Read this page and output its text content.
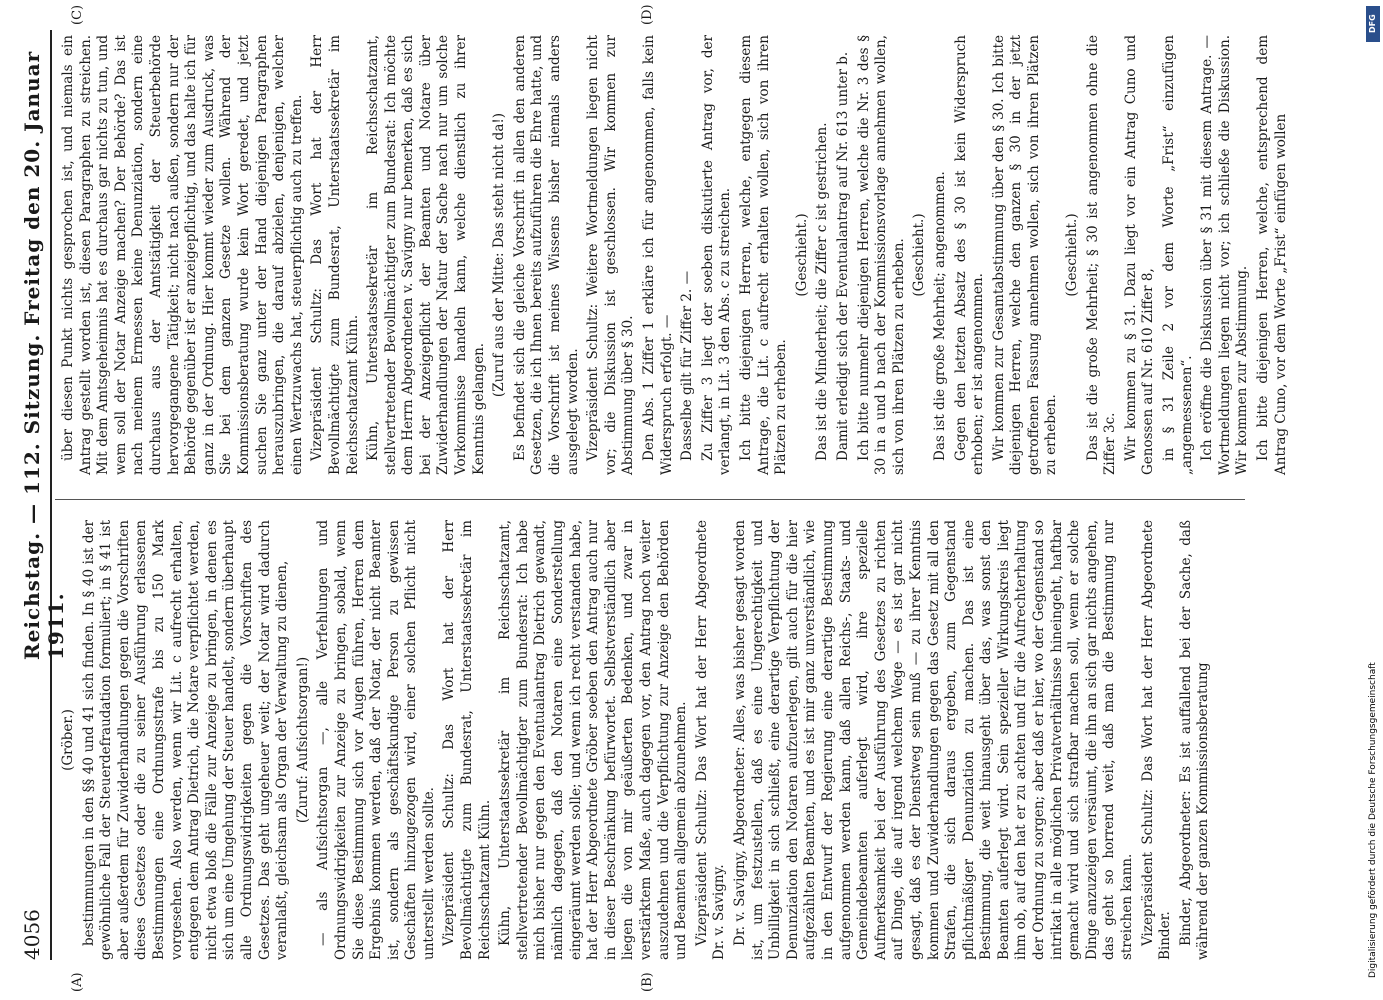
4056
Reichstag. — 112. Sitzung. Freitag den 20. Januar 1911.
(A)	(B)
(C)	(D)

(Gröber.) bestimmungen in den §§ 40 und 41 sich finden. In § 40 ist der gewöhnliche Fall der Steuerdefraudation formuliert; in § 41 ist aber außerdem für Zuwiderhandlungen gegen die Vorschriften dieses Gesetzes oder die zu seiner Ausführung erlassenen Bestimmungen eine Ordnungsstrafe bis zu 150 Mark vorgesehen. Also werden, wenn wir Lit. c aufrecht erhalten, entgegen dem Antrag Dietrich, die Notare verpflichtet werden, nicht etwa bloß die Fälle zur Anzeige zu bringen, in denen es sich um eine Umgehung der Steuer handelt, sondern überhaupt alle Ordnungswidrigkeiten gegen die Vorschriften des Gesetzes. Das geht ungeheuer weit; der Notar wird dadurch veranlaßt, gleichsam als Organ der Verwaltung zu dienen, (Zuruf: Aufsichtsorgan!) — als Aufsichtsorgan —, alle Verfehlungen und Ordnungswidrigkeiten zur Anzeige zu bringen, sobald, wenn Sie diese Bestimmung sich vor Augen führen, Herren dem Ergebnis kommen werden, daß der Notar, der nicht Beamter ist, sondern als geschäftskundige Person zu gewissen Geschäften hinzugezogen wird, einer solchen Pflicht nicht unterstellt werden sollte. Vizepräsident Schultz: Das Wort hat der Herr Bevollmächtigte zum Bundesrat, Unterstaatssekretär im Reichsschatzamt Kühn. Kühn, Unterstaatssekretär im Reichsschatzamt, stellvertretender Bevollmächtigter zum Bundesrat: Ich habe mich bisher nur gegen den Eventualantrag Dietrich gewandt, nämlich dagegen, daß den Notaren eine Sonderstellung eingeräumt werden solle; und wenn ich recht verstanden habe, hat der Herr Abgeordnete Gröber soeben den Antrag auch nur in dieser Beschränkung befürwortet. Selbstverständlich aber liegen die von mir geäußerten Bedenken, und zwar in verstärktem Maße, auch dagegen vor, den Antrag noch weiter auszudehnen und die Verpflichtung zur Anzeige den Behörden und Beamten allgemein abzunehmen. Vizepräsident Schultz: Das Wort hat der Herr Abgeordnete Dr. v. Savigny. Dr. v. Savigny, Abgeordneter: Alles, was bisher gesagt worden ist, um festzustellen, daß es eine Ungerechtigkeit und Unbilligkeit in sich schließt, eine derartige Verpflichtung der Denunziation den Notaren aufzuerlegen, gilt auch für die hier aufgezählten Beamten, und es ist mir ganz unverständlich, wie in den Entwurf der Regierung eine derartige Bestimmung aufgenommen werden kann, daß allen Reichs-, Staats- und Gemeindebeamten auferlegt wird, ihre spezielle Aufmerksamkeit bei der Ausführung des Gesetzes zu richten auf Dinge, die auf irgend welchem Wege — es ist gar nicht gesagt, daß es der Dienstweg sein muß — zu ihrer Kenntnis kommen und Zuwiderhandlungen gegen das Gesetz mit all den Strafen, die sich daraus ergeben, zum Gegenstand pflichtmäßiger Denunziation zu machen. Das ist eine Bestimmung, die weit hinausgeht über das, was sonst den Beamten auferlegt wird. Sein spezieller Wirkungskreis liegt ihm ob, auf den hat er zu achten und für die Aufrechterhaltung der Ordnung zu sorgen; aber daß er hier, wo der Gegenstand so intrikat in alle möglichen Privatverhältnisse hineingeht, haftbar gemacht wird und sich strafbar machen soll, wenn er solche Dinge anzuzeigen versäumt, die ihn an sich gar nichts angehen, das geht so horrend weit, daß man die Bestimmung nur streichen kann. Vizepräsident Schultz: Das Wort hat der Herr Abgeordnete Binder. Binder, Abgeordneter: Es ist auffallend bei der Sache, daß während der ganzen Kommissionsberatung

über diesen Punkt nichts gesprochen ist, und niemals ein Antrag gestellt worden ist, diesen Paragraphen zu streichen. Mit dem Amtsgeheimnis hat es durchaus gar nichts zu tun, und wem soll der Notar Anzeige machen? Der Behörde? Das ist nach meinem Ermessen keine Denunziation, sondern eine durchaus aus der Amtstätigkeit der Steuerbehörde hervorgegangene Tätigkeit; nicht nach außen, sondern nur der Behörde gegenüber ist er anzeigepflichtig, und das halte ich für ganz in der Ordnung. Hier kommt wieder zum Ausdruck, was Sie bei dem ganzen Gesetze wollen. Während der Kommissionsberatung wurde kein Wort geredet, und jetzt suchen Sie ganz unter der Hand diejenigen Paragraphen herauszubringen, die darauf abzielen, denjenigen, welcher einen Wertzuwachs hat, steuerpflichtig auch zu treffen. Vizepräsident Schultz: Das Wort hat der Herr Bevollmächtigte zum Bundesrat, Unterstaatssekretär im Reichsschatzamt Kühn. Kühn, Unterstaatssekretär im Reichsschatzamt, stellvertretender Bevollmächtigter zum Bundesrat: Ich möchte dem Herrn Abgeordneten v. Savigny nur bemerken, daß es sich bei der Anzeigepflicht der Beamten und Notare über Zuwiderhandlungen der Natur der Sache nach nur um solche Vorkommnisse handeln kann, welche dienstlich zu ihrer Kenntnis gelangen.

(Zuruf aus der Mitte: Das steht nicht da!) Es befindet sich die gleiche Vorschrift in allen den anderen Gesetzen, die ich Ihnen bereits aufzuführen die Ehre hatte, und die Vorschrift ist meines Wissens bisher niemals anders ausgelegt worden. Vizepräsident Schultz: Weitere Wortmeldungen liegen nicht vor; die Diskussion ist geschlossen. Wir kommen zur Abstimmung über § 30. Den Abs. 1 Ziffer 1 erkläre ich für angenommen, falls kein Widerspruch erfolgt. — Dasselbe gilt für Ziffer 2. — Zu Ziffer 3 liegt der soeben diskutierte Antrag vor, der verlangt, in Lit. 3 den Abs. c zu streichen. Ich bitte diejenigen Herren, welche, entgegen diesem Antrage, die Lit. c aufrecht erhalten wollen, sich von ihren Plätzen zu erheben.

(Geschieht.) Das ist die Minderheit; die Ziffer c ist gestrichen. Damit erledigt sich der Eventualantrag auf Nr. 613 unter b. Ich bitte nunmehr diejenigen Herren, welche die Nr. 3 des § 30 in a und b nach der Kommissionsvorlage annehmen wollen, sich von ihren Plätzen zu erheben. (Geschieht.) Das ist die große Mehrheit; angenommen. Gegen den letzten Absatz des § 30 ist kein Widerspruch erhoben; er ist angenommen. Wir kommen zur Gesamtabstimmung über den § 30. Ich bitte diejenigen Herren, welche den ganzen § 30 in der jetzt getroffenen Fassung annehmen wollen, sich von ihren Plätzen zu erheben.

(Geschieht.) Das ist die große Mehrheit; § 30 ist angenommen ohne die Ziffer 3c. Wir kommen zu § 31. Dazu liegt vor ein Antrag Cuno und Genossen auf Nr. 610 Ziffer 8, in § 31 Zeile 2 vor dem Worte „Frist“ einzufügen „angemessenen“. Ich eröffne die Diskussion über § 31 mit diesem Antrage. — Wortmeldungen liegen nicht vor; ich schließe die Diskussion. Wir kommen zur Abstimmung. Ich bitte diejenigen Herren, welche, entsprechend dem Antrag Cuno, vor dem Worte „Frist“ einfügen wollen

DFG
Digitalisierung gefördert durch die Deutsche Forschungsgemeinschaft
